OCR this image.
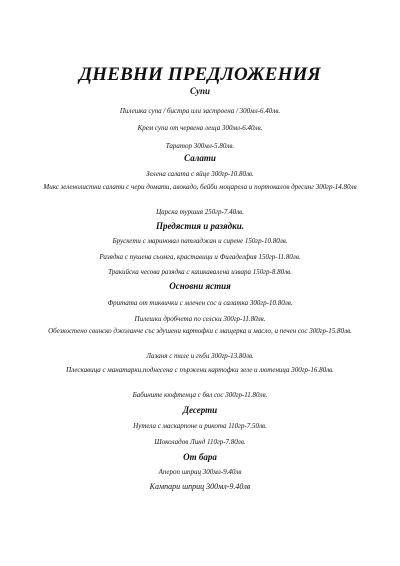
ДНЕВНИ ПРЕДЛОЖЕНИЯ
Супи
Пилешка супа / бистра или застроена / 300мл-6.40лв.
Крем супа от червена леща 300мл-6.40лв.
Таратор 300мл-5.80лв.
Салати
Зелена салата с яйце 300гр-10.80лв.
Микс зеленолистни салати с чери домати, авокадо, бейби моцарела и портокалов дресинг 300гр-14.80лв
Царска туршия 250гр-7.40лв.
Предястия и разядки.
Брускети с мариновал патладжан и сирене 150гр-10.80лв.
Разядка с пушена сьомга, краставици и Филаделфия 150гр-11.80лв.
Тракийска чесова разядка с кашкавалена извара 150гр-8.80лв.
Основни ястия
Фритата от тиквички с млечен сос и салатка 300гр-10.80лв.
Пилешки дробчета по селски 300гр-11.80лв.
Обезкостено свинско джоланче със здушени картофки с мащерка и масло, и печен сос 300гр-15.80лв.
Лазаня с тиле и гъби 300гр-13.80лв.
Плескавица с манатарки,поднесена с пържени картофки зеле и лютеница 300гр-16.80лв.
Бабините кюфтенца с бял сос 300гр-11.80лв.
Десерти
Нутела с маскарпоне и рикота 110гр-7.50лв.
Шоколадов Линд 110гр-7.80лв.
От бара
Апероп шприц 300мл-9.40лв
Кампари шприц 300мл-9.40лв
